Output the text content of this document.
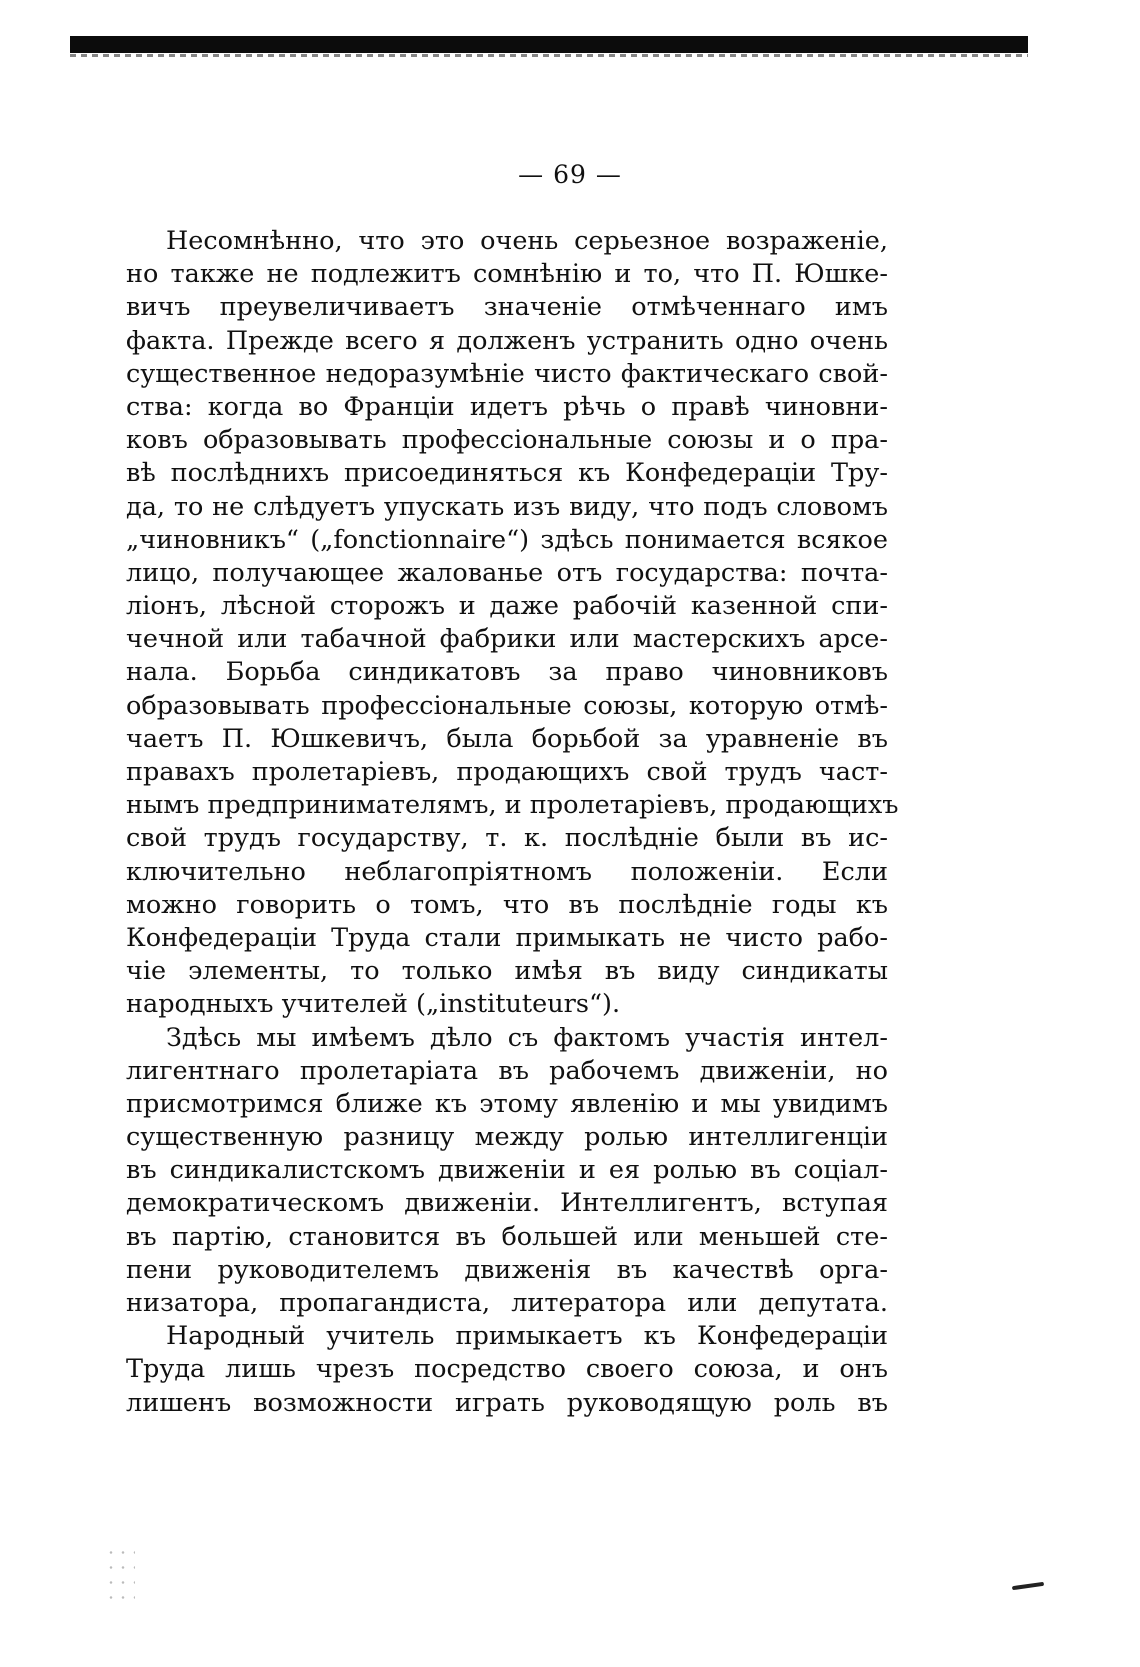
— 69 —
Несомнѣнно, что это очень серьезное возраженіе,
но также не подлежитъ сомнѣнію и то, что П. Юшке-
вичъ преувеличиваетъ значеніе отмѣченнаго имъ
факта. Прежде всего я долженъ устранить одно очень
существенное недоразумѣніе чисто фактическаго свой-
ства: когда во Франціи идетъ рѣчь о правѣ чиновни-
ковъ образовывать профессіональные союзы и о пра-
вѣ послѣднихъ присоединяться къ Конфедераціи Тру-
да, то не слѣдуетъ упускать изъ виду, что подъ словомъ
„чиновникъ“ („fonctionnaire“) здѣсь понимается всякое
лицо, получающее жалованье отъ государства: почта-
ліонъ, лѣсной сторожъ и даже рабочій казенной спи-
чечной или табачной фабрики или мастерскихъ арсе-
нала. Борьба синдикатовъ за право чиновниковъ
образовывать профессіональные союзы, которую отмѣ-
чаетъ П. Юшкевичъ, была борьбой за уравненіе въ
правахъ пролетаріевъ, продающихъ свой трудъ част-
нымъ предпринимателямъ, и пролетаріевъ, продающихъ
свой трудъ государству, т. к. послѣдніе были въ ис-
ключительно неблагопріятномъ положеніи. Если
можно говорить о томъ, что въ послѣдніе годы къ
Конфедераціи Труда стали примыкать не чисто рабо-
чіе элементы, то только имѣя въ виду синдикаты
народныхъ учителей („instituteurs“).
Здѣсь мы имѣемъ дѣло съ фактомъ участія интел-
лигентнаго пролетаріата въ рабочемъ движеніи, но
присмотримся ближе къ этому явленію и мы увидимъ
существенную разницу между ролью интеллигенціи
въ синдикалистскомъ движеніи и ея ролью въ соціал-
демократическомъ движеніи. Интеллигентъ, вступая
въ партію, становится въ большей или меньшей сте-
пени руководителемъ движенія въ качествѣ орга-
низатора, пропагандиста, литератора или депутата.
Народный учитель примыкаетъ къ Конфедераціи
Труда лишь чрезъ посредство своего союза, и онъ
лишенъ возможности играть руководящую роль въ
